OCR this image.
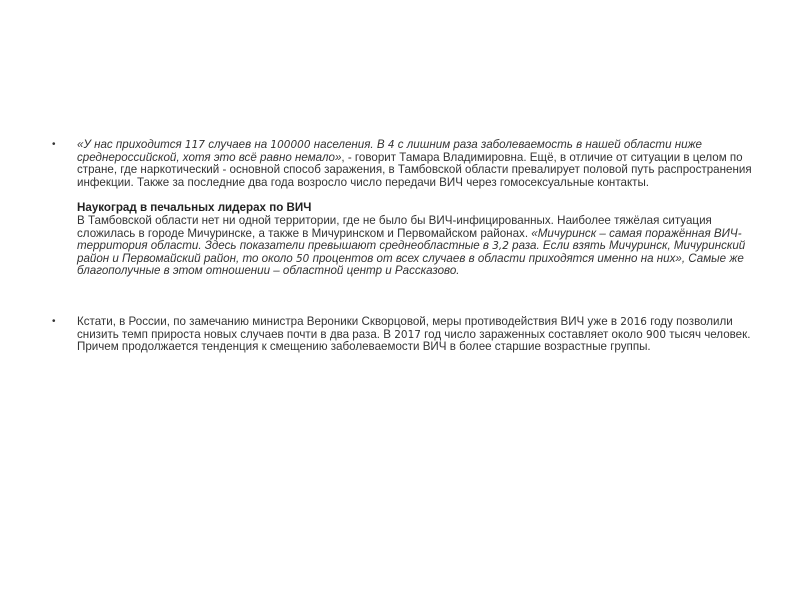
• «У нас приходится 117 случаев на 100000 населения. В 4 с лишним раза заболеваемость в нашей области ниже среднероссийской, хотя это всё равно немало», - говорит Тамара Владимировна. Ещё, в отличие от ситуации в целом по стране, где наркотический - основной способ заражения, в Тамбовской области превалирует половой путь распространения инфекции. Также за последние два года возросло число передачи ВИЧ через гомосексуальные контакты.

Наукоград в печальных лидерах по ВИЧ

В Тамбовской области нет ни одной территории, где не было бы ВИЧ-инфицированных. Наиболее тяжёлая ситуация сложилась в городе Мичуринске, а также в Мичуринском и Первомайском районах. «Мичуринск – самая поражённая ВИЧ-территория области. Здесь показатели превышают среднеобластные в 3,2 раза. Если взять Мичуринск, Мичуринский район и Первомайский район, то около 50 процентов от всех случаев в области приходятся именно на них», Самые же благополучные в этом отношении – областной центр и Рассказово.

• Кстати, в России, по замечанию министра Вероники Скворцовой, меры противодействия ВИЧ уже в 2016 году позволили снизить темп прироста новых случаев почти в два раза. В 2017 год число зараженных составляет около 900 тысяч человек. Причем продолжается тенденция к смещению заболеваемости ВИЧ в более старшие возрастные группы.
